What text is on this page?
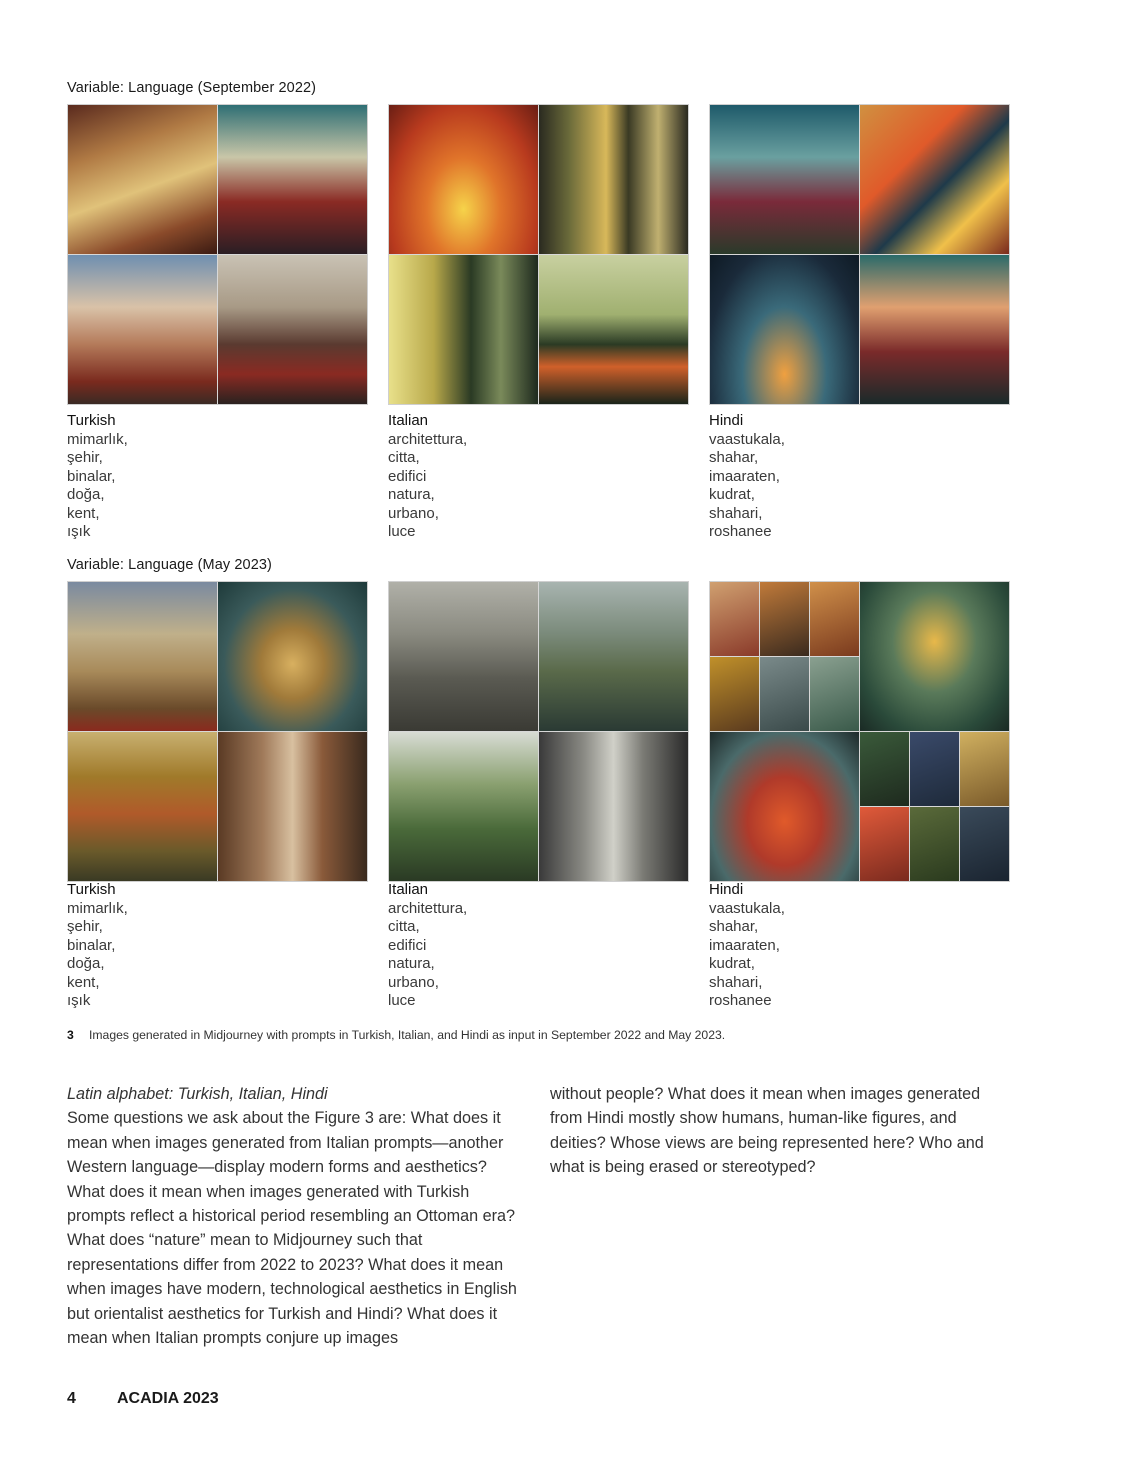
Variable: Language (September 2022)
Turkish
mimarlık,
şehir,
binalar,
doğa,
kent,
ışık
Italian
architettura,
citta,
edifici
natura,
urbano,
luce
Hindi
vaastukala,
shahar,
imaaraten,
kudrat,
shahari,
roshanee
Variable: Language (May 2023)
Turkish
mimarlık,
şehir,
binalar,
doğa,
kent,
ışık
Italian
architettura,
citta,
edifici
natura,
urbano,
luce
Hindi
vaastukala,
shahar,
imaaraten,
kudrat,
shahari,
roshanee
3 Images generated in Midjourney with prompts in Turkish, Italian, and Hindi as input in September 2022 and May 2023.
Latin alphabet: Turkish, Italian, Hindi
Some questions we ask about the Figure 3 are: What does it mean when images generated from Italian prompts—another Western language—display modern forms and aesthetics? What does it mean when images generated with Turkish prompts reflect a historical period resembling an Ottoman era? What does “nature” mean to Midjourney such that representations differ from 2022 to 2023? What does it mean when images have modern, technological aesthetics in English but orientalist aesthetics for Turkish and Hindi? What does it mean when Italian prompts conjure up images
without people? What does it mean when images generated from Hindi mostly show humans, human-like figures, and deities? Whose views are being represented here? Who and what is being erased or stereotyped?
4	ACADIA 2023
